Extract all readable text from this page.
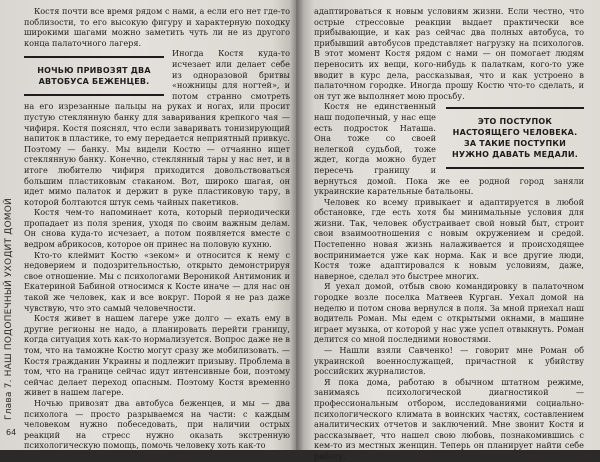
Глава 7. НАШ ПОДОПЕЧНЫЙ УХОДИТ ДОМОЙ
64

Костя почти все время рядом с нами, а если его нет где-то поблизости, то его высокую фигуру и характерную походку широкими шагами можно заметить чуть ли не из другого конца палаточного лагеря.

НОЧЬЮ ПРИВОЗЯТ ДВА АВТОБУСА БЕЖЕНЦЕВ.

Иногда Костя куда-то исчезает или делает себе из одноразовой бритвы «ножницы для ногтей», и потом странно смотреть на его изрезанные пальцы на руках и ногах, или просит пустую стеклянную банку для заваривания крепкого чая — чифиря. Костя пояснял, что если заваривать тонизирующий напиток в пластике, то ему передается неприятный привкус. Поэтому — банку. Мы видели Костю — отчаянно ищет стеклянную банку. Конечно, стеклянный тары у нас нет, и в итоге любителю чифиря приходится довольствоваться большим пластиковым стаканом. Вот, широко шагая, он идет мимо палаток и держит в руке пластиковую тару, в которой болтаются штук семь чайных пакетиков.

Костя чем-то напоминает кота, который периодически пропадает из поля зрения, уходя по своим важным делам. Он снова куда-то исчезает, а потом появляется вместе с ведром абрикосов, которое он принес на половую кухню.

Кто-то клеймит Костю «зеком» и относится к нему с недоверием и подозрительностью, открыто демонстрируя свое отношение. Мы с психологами Вероникой Антимоник и Екатериной Бабиной относимся к Косте иначе — для нас он такой же человек, как и все вокруг. Порой я не раз даже чувствую, что это самый человечности.

Костя живет в нашем лагере уже долго — ехать ему в другие регионы не надо, а планировать перейти границу, когда ситуация хоть как-то нормализуется. Вопрос даже не в том, что на таможне Костю могут сразу же мобилизовать. — Костя гражданин Украины и подлежит призыву. Проблема в том, что на границе сейчас идут интенсивные бои, поэтому сейчас делает переход опасным. Поэтому Костя временно живет в нашем лагере.

Ночью привозят два автобуса беженцев, и мы — два психолога — просто разрываемся на части: с каждым человеком нужно побеседовать, при наличии острых реакций на стресс нужно оказать экстренную психологическую помощь, помочь человеку хоть как-то

адаптироваться к новым условиям жизни. Если честно, что острые стрессовые реакции выдает практически все прибывающие, и как раз сейчас два полных автобуса, то прибывший автобусов представляет нагрузку на психологов. В этот момент Костя рядом с нами — он помогает людям переносить их вещи, кого-нибудь к палаткам, кого-то уже вводит в курс дела, рассказывая, что и как устроено в палаточном городке. Иногда прошу Костю что-то сделать, и он тут же выполняет мою просьбу.

ЭТО ПОСТУПОК НАСТОЯЩЕГО ЧЕЛОВЕКА. ЗА ТАКИЕ ПОСТУПКИ НУЖНО ДАВАТЬ МЕДАЛИ.

Костя не единственный наш подопечный, у нас еще есть подросток Наташа. Она тоже со своей нелегкой судьбой, тоже ждет, когда можно будет пересечь границу и вернуться домой. Пока же ее родной город заняли украинские карательные батальоны.

Человек ко всему привыкает и адаптируется в любой обстановке, где есть хотя бы минимальные условия для жизни. Так, человек обустраивает свой новый быт, строит свои взаимоотношения с новым окружением и средой. Постепенно новая жизнь налаживается и происходящее воспринимается уже как норма. Как и все другие люди, Костя тоже адаптировался к новым условиям, даже, наверное, сделал это быстрее многих.

Я уехал домой, отбыв свою командировку в палаточном городке возле поселка Матвеев Курган. Уехал домой на неделю и потом снова вернулся в поля. За мной приехал наш водитель Роман. Мы едем с открытыми окнами, в машине играет музыка, от которой у нас уже успел отвыкнуть. Роман делится со мной последними новостями.

— Нашли взяли Савченко! — говорит мне Роман об украинской военнослужащей, причастной к убийству российских журналистов.

Я пока дома, работаю в обычном штатном режиме, занимаясь психологической диагностикой — профессиональным отбором, исследованиями социально-психологического климата в воинских частях, составлением аналитических отчетов и заключений. Мне звонит Костя и рассказывает, что нашел свою любовь, познакомившись с кем-то из местных женщин. Теперь он планирует найти себе работу.
